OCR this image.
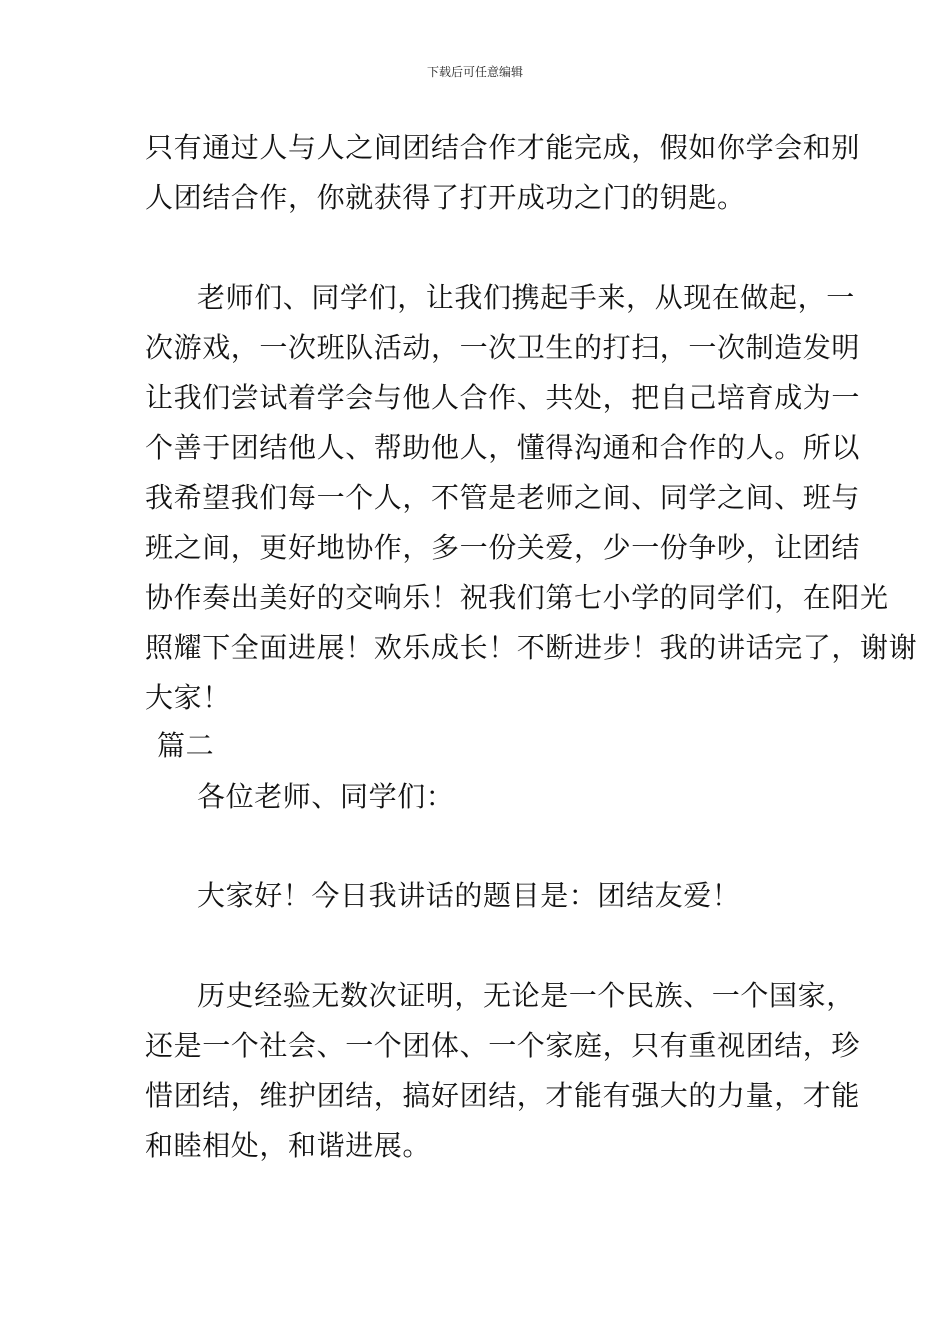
下载后可任意编辑
只有通过人与人之间团结合作才能完成，假如你学会和别
人团结合作，你就获得了打开成功之门的钥匙。
老师们、同学们，让我们携起手来，从现在做起，一
次游戏，一次班队活动，一次卫生的打扫，一次制造发明
让我们尝试着学会与他人合作、共处，把自己培育成为一
个善于团结他人、帮助他人，懂得沟通和合作的人。所以
我希望我们每一个人，不管是老师之间、同学之间、班与
班之间，更好地协作，多一份关爱，少一份争吵，让团结
协作奏出美好的交响乐！祝我们第七小学的同学们，在阳光
照耀下全面进展！欢乐成长！不断进步！我的讲话完了，谢谢
大家！
篇二
各位老师、同学们：
大家好！今日我讲话的题目是：团结友爱！
历史经验无数次证明，无论是一个民族、一个国家，
还是一个社会、一个团体、一个家庭，只有重视团结，珍
惜团结，维护团结，搞好团结，才能有强大的力量，才能
和睦相处，和谐进展。
